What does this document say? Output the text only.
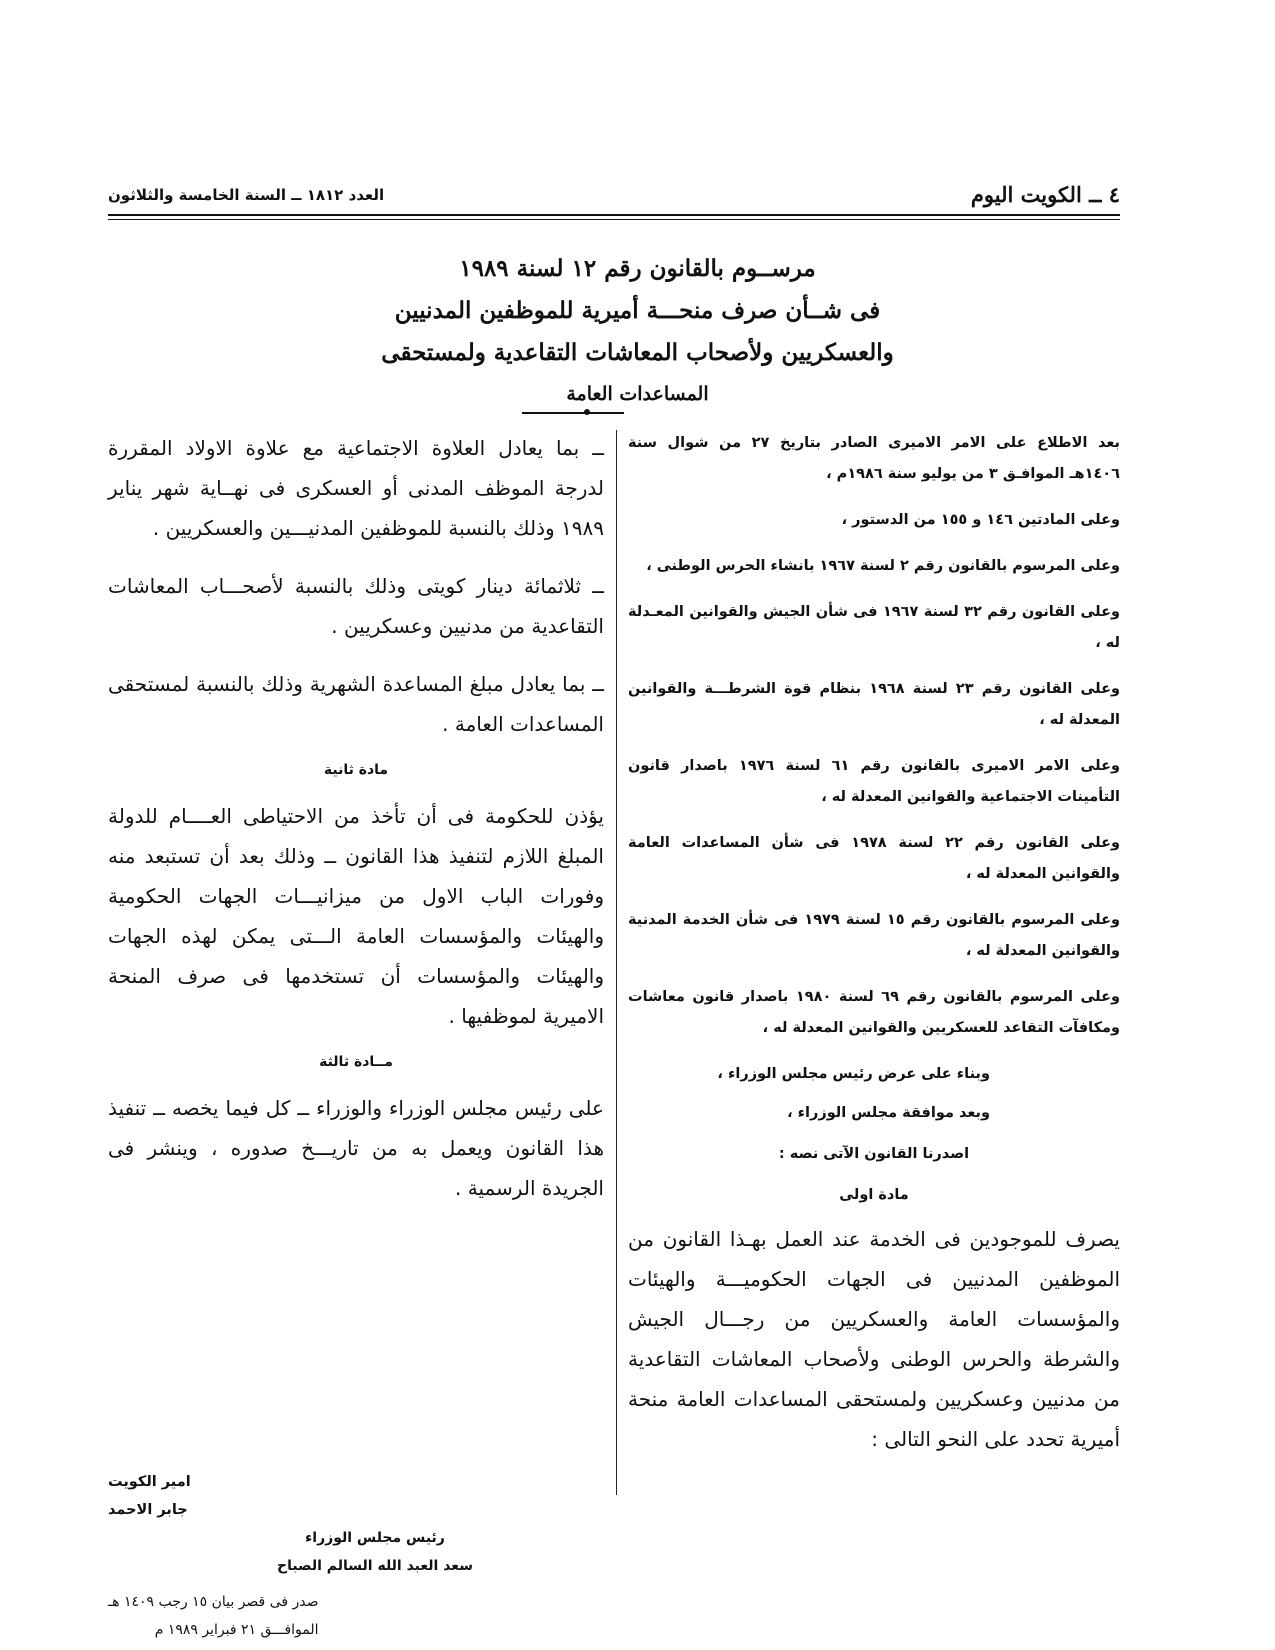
٤ ــ الكويت اليوم
العدد ١٨١٢ ــ السنة الخامسة والثلاثون

مرســوم بالقانون رقم ١٢ لسنة ١٩٨٩

فى شــأن صرف منحـــة أميرية للموظفين المدنيين

والعسكريين ولأصحاب المعاشات التقاعدية ولمستحقى

المساعدات العامة

بعد الاطلاع على الامر الاميرى الصادر بتاريخ ٢٧ من شوال سنة ١٤٠٦هـ الموافـق ٣ من يوليو سنة ١٩٨٦م ،

وعلى المادتين ١٤٦ و ١٥٥ من الدستور ،

وعلى المرسوم بالقانون رقم ٢ لسنة ١٩٦٧ بانشاء الحرس الوطنى ،

وعلى القانون رقم ٣٢ لسنة ١٩٦٧ فى شأن الجيش والقوانين المعـدلة له ،

وعلى القانون رقم ٢٣ لسنة ١٩٦٨ بنظام قوة الشرطـــة والقوانين المعدلة له ،

وعلى الامر الاميرى بالقانون رقم ٦١ لسنة ١٩٧٦ باصدار قانون التأمينات الاجتماعية والقوانين المعدلة له ،

وعلى القانون رقم ٢٢ لسنة ١٩٧٨ فى شأن المساعدات العامة والقوانين المعدلة له ،

وعلى المرسوم بالقانون رقم ١٥ لسنة ١٩٧٩ فى شأن الخدمة المدنية والقوانين المعدلة له ،

وعلى المرسوم بالقانون رقم ٦٩ لسنة ١٩٨٠ باصدار قانون معاشات ومكافآت التقاعد للعسكريين والقوانين المعدلة له ،

وبناء على عرض رئيس مجلس الوزراء ،

وبعد موافقة مجلس الوزراء ،

اصدرنا القانون الآتى نصه :

مادة اولى

يصرف للموجودين فى الخدمة عند العمل بهـذا القانون من الموظفين المدنيين فى الجهات الحكوميـــة والهيئات والمؤسسات العامة والعسكريين من رجـــال الجيش والشرطة والحرس الوطنى ولأصحاب المعاشات التقاعدية من مدنيين وعسكريين ولمستحقى المساعدات العامة منحة أميرية تحدد على النحو التالى :

ــ بما يعادل العلاوة الاجتماعية مع علاوة الاولاد المقررة لدرجة الموظف المدنى أو العسكرى فى نهــاية شهر يناير ١٩٨٩ وذلك بالنسبة للموظفين المدنيـــين والعسكريين .

ــ ثلاثمائة دينار كويتى وذلك بالنسبة لأصحـــاب المعاشات التقاعدية من مدنيين وعسكريين .

ــ بما يعادل مبلغ المساعدة الشهرية وذلك بالنسبة لمستحقى المساعدات العامة .

مادة ثانية

يؤذن للحكومة فى أن تأخذ من الاحتياطى العــــام للدولة المبلغ اللازم لتنفيذ هذا القانون ــ وذلك بعد أن تستبعد منه وفورات الباب الاول من ميزانيـــات الجهات الحكومية والهيئات والمؤسسات العامة الـــتى يمكن لهذه الجهات والهيئات والمؤسسات أن تستخدمها فى صرف المنحة الاميرية لموظفيها .

مــادة ثالثة

على رئيس مجلس الوزراء والوزراء ــ كل فيما يخصه ــ تنفيذ هذا القانون ويعمل به من تاريـــخ صدوره ، وينشر فى الجريدة الرسمية .

امير الكويت
جابر الاحمد
رئيس مجلس الوزراء
سعد العبد الله السالم الصباح
صدر فى قصر بيان ١٥ رجب ١٤٠٩ هـ
الموافـــق ٢١ فبراير ١٩٨٩ م
